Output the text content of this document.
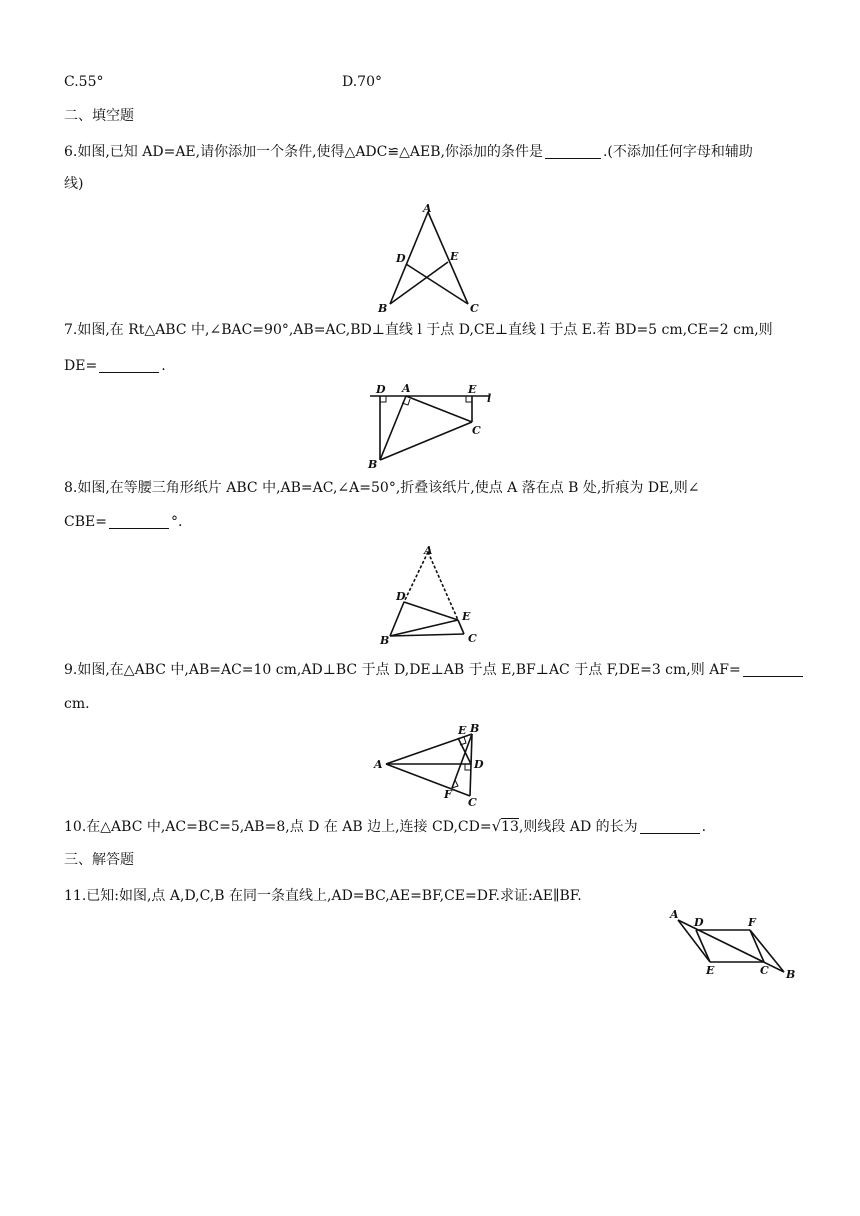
C.55°	D.70°
二、填空题
6.如图,已知 AD=AE,请你添加一个条件,使得△ADC≌△AEB,你添加的条件是	.(不添加任何字母和辅助
线)
A
D	E
B	C
7.如图,在 Rt△ABC 中,∠BAC=90°,AB=AC,BD⊥直线 l 于点 D,CE⊥直线 l 于点 E.若 BD=5 cm,CE=2 cm,则
DE=	.
D A	E
l
C
B
8.如图,在等腰三角形纸片 ABC 中,AB=AC,∠A=50°,折叠该纸片,使点 A 落在点 B 处,折痕为 DE,则∠
CBE=	°.
A
D
E
B	C
9.如图,在△ABC 中,AB=AC=10 cm,AD⊥BC 于点 D,DE⊥AB 于点 E,BF⊥AC 于点 F,DE=3 cm,则 AF=
cm.
E B
A	D
F
C
10.在△ABC 中,AC=BC=5,AB=8,点 D 在 AB 边上,连接 CD,CD=√13,则线段 AD 的长为	.
三、解答题
11.已知:如图,点 A,D,C,B 在同一条直线上,AD=BC,AE=BF,CE=DF.求证:AE∥BF.
A
D	F
E	C B
